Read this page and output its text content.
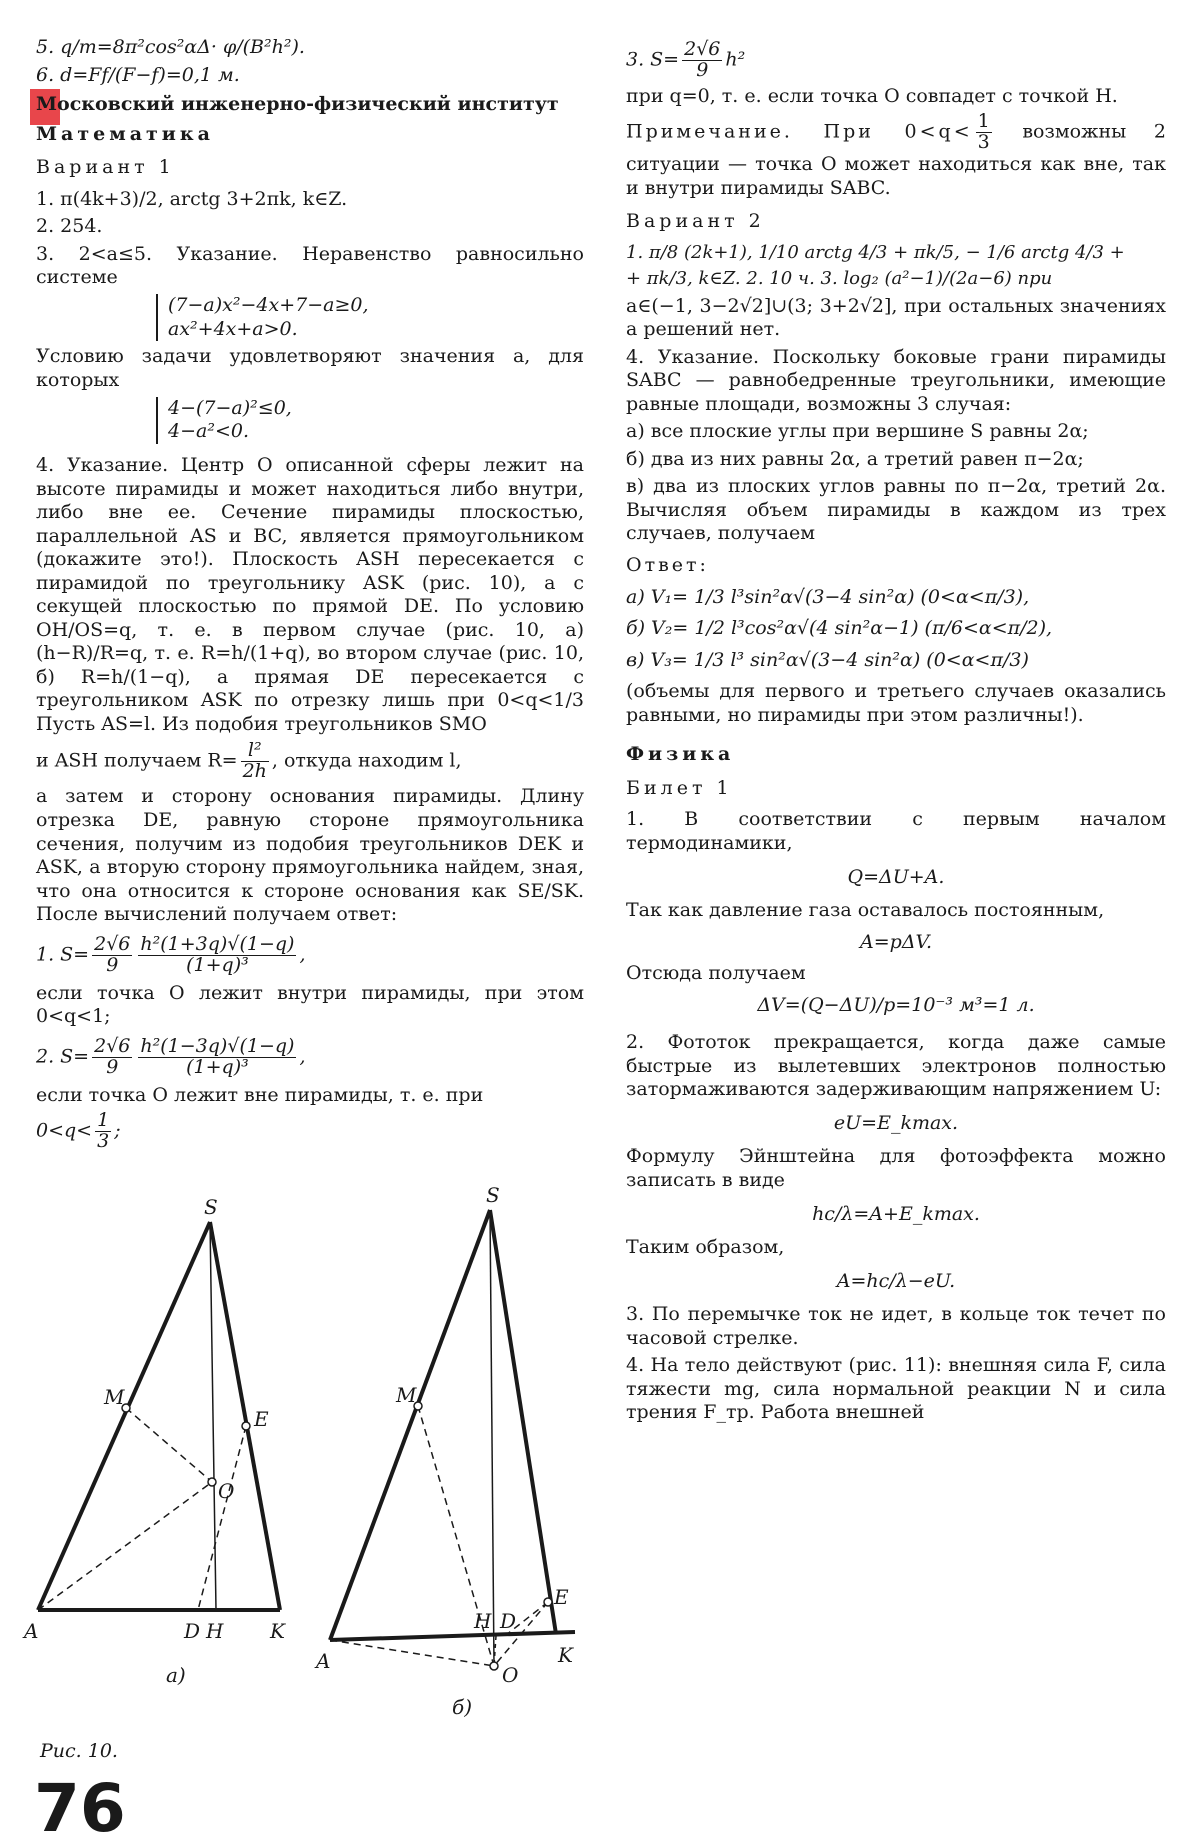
5. q/m=8π²cos²αΔ· φ/(B²h²).

6. d=Ff/(F−f)=0,1 м.

Московский инженерно-физический институт

Математика

Вариант 1

1. π(4k+3)/2, arctg 3+2πk, k∈Z.

2. 254.

3. 2<a≤5. Указание. Неравенство равносильно системе

(7−a)x²−4x+7−a≥0,
ax²+4x+a>0.

Условию задачи удовлетворяют значения a, для которых

4−(7−a)²≤0,
4−a²<0.

4. Указание. Центр O описанной сферы лежит на высоте пирамиды и может находиться либо внутри, либо вне ее. Сечение пирамиды плоскостью, параллельной AS и BC, является прямоугольником (докажите это!). Плоскость ASH пересекается с пирамидой по треугольнику ASK (рис. 10), а с секущей плоскостью по прямой DE. По условию OH/OS=q, т. е. в первом случае (рис. 10, а) (h−R)/R=q, т. е. R=h/(1+q), во втором случае (рис. 10, б) R=h/(1−q), а прямая DE пересекается с треугольником ASK по отрезку лишь при 0<q<1/3 Пусть AS=l. Из подобия треугольников SMO

и ASH получаем $R= \frac{\text{l²}}{2h}$ , откуда находим l,

а затем и сторону основания пирамиды. Длину отрезка DE, равную стороне прямоугольника сечения, получим из подобия треугольников DEK и ASK, а вторую сторону прямоугольника найдем, зная, что она относится к стороне основания как SE/SK. После вычислений получаем ответ:

1. $S= \frac{2√6}{9} \frac{\text{h²(1+3q)√(1−q)}}{\text{(1+q)³}}$ ,

если точка O лежит внутри пирамиды, при этом 0<q<1;

2. $S= \frac{2√6}{9} \frac{\text{h²(1−3q)√(1−q)}}{\text{(1+q)³}}$ ,

если точка O лежит вне пирамиды, т. е. при

$0<q< \frac{1}{3}$ ;

S
M
E
O
A	D H K
а)
S
M
E
H D
O
A	K
б)
Рис. 10.

3. $S= \frac{2√6}{9} h^2$

при q=0, т. е. если точка O совпадет с точкой H.

Примечание. При $0<q< \frac{1}{3}$ возможны 2 ситуации — точка O может находиться как вне, так и внутри пирамиды SABC.

Вариант 2

1. π/8 (2k+1), 1/10 arctg 4/3 + πk/5, − 1/6 arctg 4/3 +

+ πk/3, k∈Z. 2. 10 ч. 3. log₂ (a²−1)/(2a−6) при

a∈(−1, 3−2√2]∪(3; 3+2√2], при остальных значениях a решений нет.

4. Указание. Поскольку боковые грани пирамиды SABC — равнобедренные треугольники, имеющие равные площади, возможны 3 случая:

а) все плоские углы при вершине S равны 2α;

б) два из них равны 2α, а третий равен π−2α;

в) два из плоских углов равны по π−2α, третий 2α. Вычисляя объем пирамиды в каждом из трех случаев, получаем

Ответ:

а) V₁= 1/3 l³sin²α√(3−4 sin²α) (0<α<π/3),

б) V₂= 1/2 l³cos²α√(4 sin²α−1) (π/6<α<π/2),

в) V₃= 1/3 l³ sin²α√(3−4 sin²α) (0<α<π/3)

(объемы для первого и третьего случаев оказались равными, но пирамиды при этом различны!).

Физика

Билет 1

1. В соответствии с первым началом термодинамики,

Q=ΔU+A.

Так как давление газа оставалось постоянным,

A=pΔV.

Отсюда получаем

ΔV=(Q−ΔU)/p=10⁻³ м³=1 л.

2. Фототок прекращается, когда даже самые быстрые из вылетевших электронов полностью затормаживаются задерживающим напряжением U:

eU=E_kmax.

Формулу Эйнштейна для фотоэффекта можно записать в виде

hc/λ=A+E_kmax.

Таким образом,

A=hc/λ−eU.

3. По перемычке ток не идет, в кольце ток течет по часовой стрелке.

4. На тело действуют (рис. 11): внешняя сила F, сила тяжести mg, сила нормальной реакции N и сила трения F_тр. Работа внешней

76
